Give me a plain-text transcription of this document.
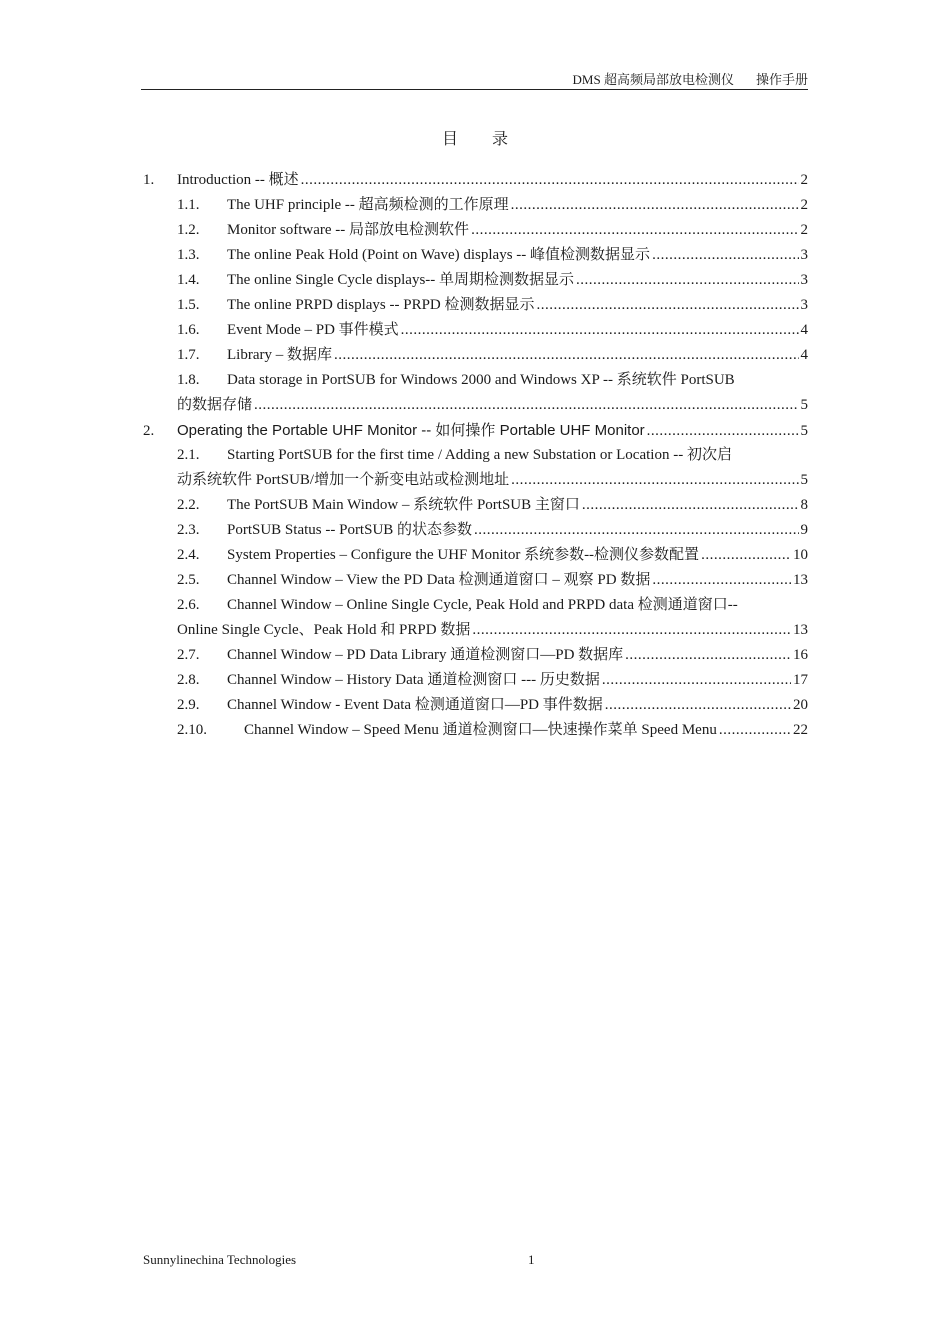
DMS 超高频局部放电检测仪 操作手册
目 录
1.	Introduction -- 概述 .....	2
1.1.	The UHF principle -- 超高频检测的工作原理 .....	2
1.2.	Monitor software -- 局部放电检测软件 .....	2
1.3.	The online Peak Hold (Point on Wave) displays -- 峰值检测数据显示 .....	3
1.4.	The online Single Cycle displays-- 单周期检测数据显示 .....	3
1.5.	The online PRPD displays -- PRPD 检测数据显示 .....	3
1.6.	Event Mode – PD 事件模式 .....	4
1.7.	Library – 数据库 .....	4
1.8.	Data storage in PortSUB for Windows 2000 and Windows XP -- 系统软件 PortSUB
的数据存储 .....	5
2.	Operating the Portable UHF Monitor -- 如何操作 Portable UHF Monitor .....	5
2.1.	Starting PortSUB for the first time / Adding a new Substation or Location -- 初次启
动系统软件 PortSUB/增加一个新变电站或检测地址 .....	5
2.2.	The PortSUB Main Window – 系统软件 PortSUB 主窗口 .....	8
2.3.	PortSUB Status -- PortSUB 的状态参数 .....	9
2.4.	System Properties – Configure the UHF Monitor 系统参数--检测仪参数配置 .....	10
2.5.	Channel Window – View the PD Data 检测通道窗口 – 观察 PD 数据 .....	13
2.6.	Channel Window – Online Single Cycle, Peak Hold and PRPD data 检测通道窗口--
Online Single Cycle、Peak Hold 和 PRPD 数据 .....	13
2.7.	Channel Window – PD Data Library 通道检测窗口—PD 数据库 .....	16
2.8.	Channel Window – History Data 通道检测窗口 --- 历史数据 .....	17
2.9.	Channel Window - Event Data 检测通道窗口—PD 事件数据 .....	20
2.10.	Channel Window – Speed Menu 通道检测窗口—快速操作菜单 Speed Menu .....	22
Sunnylinechina Technologies	1
